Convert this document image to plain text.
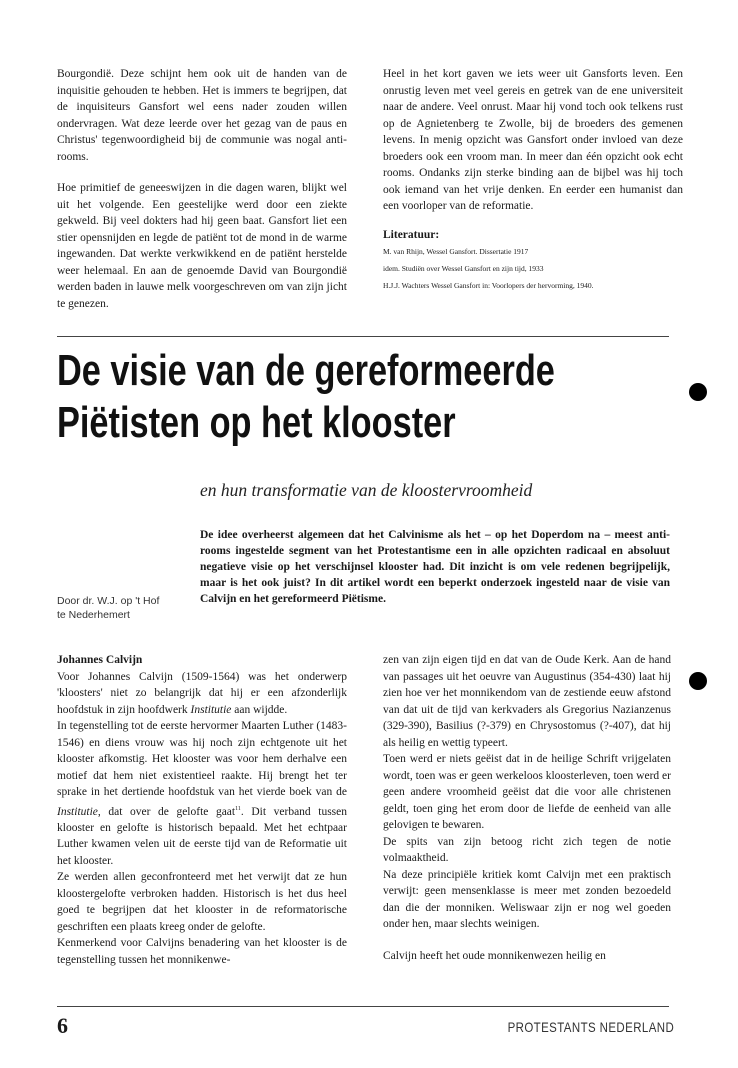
Bourgondië. Deze schijnt hem ook uit de handen van de inquisitie gehouden te hebben. Het is immers te begrijpen, dat de inquisiteurs Gansfort wel eens nader zouden willen ondervragen. Wat deze leerde over het gezag van de paus en Christus' tegenwoordigheid bij de communie was nogal anti-rooms.

Hoe primitief de geneeswijzen in die dagen waren, blijkt wel uit het volgende. Een geestelijke werd door een ziekte gekweld. Bij veel dokters had hij geen baat. Gansfort liet een stier opensnijden en legde de patiënt tot de mond in de warme ingewanden. Dat werkte verkwikkend en de patiënt herstelde weer helemaal. En aan de genoemde David van Bourgondië werden baden in lauwe melk voorgeschreven om van zijn jicht te genezen.

Heel in het kort gaven we iets weer uit Gansforts leven. Een onrustig leven met veel gereis en getrek van de ene universiteit naar de andere. Veel onrust. Maar hij vond toch ook telkens rust op de Agnietenberg te Zwolle, bij de broeders des gemenen levens. In menig opzicht was Gansfort onder invloed van deze broeders ook een vroom man. In meer dan één opzicht ook echt rooms. Ondanks zijn sterke binding aan de bijbel was hij toch ook iemand van het vrije denken. En eerder een humanist dan een voorloper van de reformatie.

Literatuur:

M. van Rhijn, Wessel Gansfort. Dissertatie 1917

idem. Studiën over Wessel Gansfort en zijn tijd, 1933

H.J.J. Wachters Wessel Gansfort in: Voorlopers der hervorming, 1940.

De visie van de gereformeerde
Piëtisten op het klooster

en hun transformatie van de kloostervroomheid

De idee overheerst algemeen dat het Calvinisme als het – op het Doperdom na – meest anti-rooms ingestelde segment van het Protestantisme een in alle opzichten radicaal en absoluut negatieve visie op het verschijnsel klooster had. Dit inzicht is om vele redenen begrijpelijk, maar is het ook juist? In dit artikel wordt een beperkt onderzoek ingesteld naar de visie van Calvijn en het gereformeerd Piëtisme.

Door dr. W.J. op 't Hof
te Nederhemert

Johannes Calvijn

Voor Johannes Calvijn (1509-1564) was het onderwerp 'kloosters' niet zo belangrijk dat hij er een afzonderlijk hoofdstuk in zijn hoofdwerk Institutie aan wijdde.

In tegenstelling tot de eerste hervormer Maarten Luther (1483-1546) en diens vrouw was hij noch zijn echtgenote uit het klooster afkomstig. Het klooster was voor hem derhalve een motief dat hem niet existentieel raakte. Hij brengt het ter sprake in het dertiende hoofdstuk van het vierde boek van de Institutie, dat over de gelofte gaat$^{11}$. Dit verband tussen klooster en gelofte is historisch bepaald. Met het echtpaar Luther kwamen velen uit de eerste tijd van de Reformatie uit het klooster.

Ze werden allen geconfronteerd met het verwijt dat ze hun kloostergelofte verbroken hadden. Historisch is het dus heel goed te begrijpen dat het klooster in de reformatorische geschriften een plaats kreeg onder de gelofte.

Kenmerkend voor Calvijns benadering van het klooster is de tegenstelling tussen het monnikenwe-

zen van zijn eigen tijd en dat van de Oude Kerk. Aan de hand van passages uit het oeuvre van Augustinus (354-430) laat hij zien hoe ver het monnikendom van de zestiende eeuw afstond van dat uit de tijd van kerkvaders als Gregorius Nazianzenus (329-390), Basilius (?-379) en Chrysostomus (?-407), dat hij als heilig en wettig typeert.

Toen werd er niets geëist dat in de heilige Schrift vrijgelaten wordt, toen was er geen werkeloos kloosterleven, toen werd er geen andere vroomheid geëist dat die voor alle christenen geldt, toen ging het erom door de liefde de eenheid van alle gelovigen te bewaren.

De spits van zijn betoog richt zich tegen de notie volmaaktheid.

Na deze principiële kritiek komt Calvijn met een praktisch verwijt: geen mensenklasse is meer met zonden bezoedeld dan die der monniken. Weliswaar zijn er nog wel goeden onder hen, maar slechts weinigen.

Calvijn heeft het oude monnikenwezen heilig en

6	PROTESTANTS NEDERLAND
